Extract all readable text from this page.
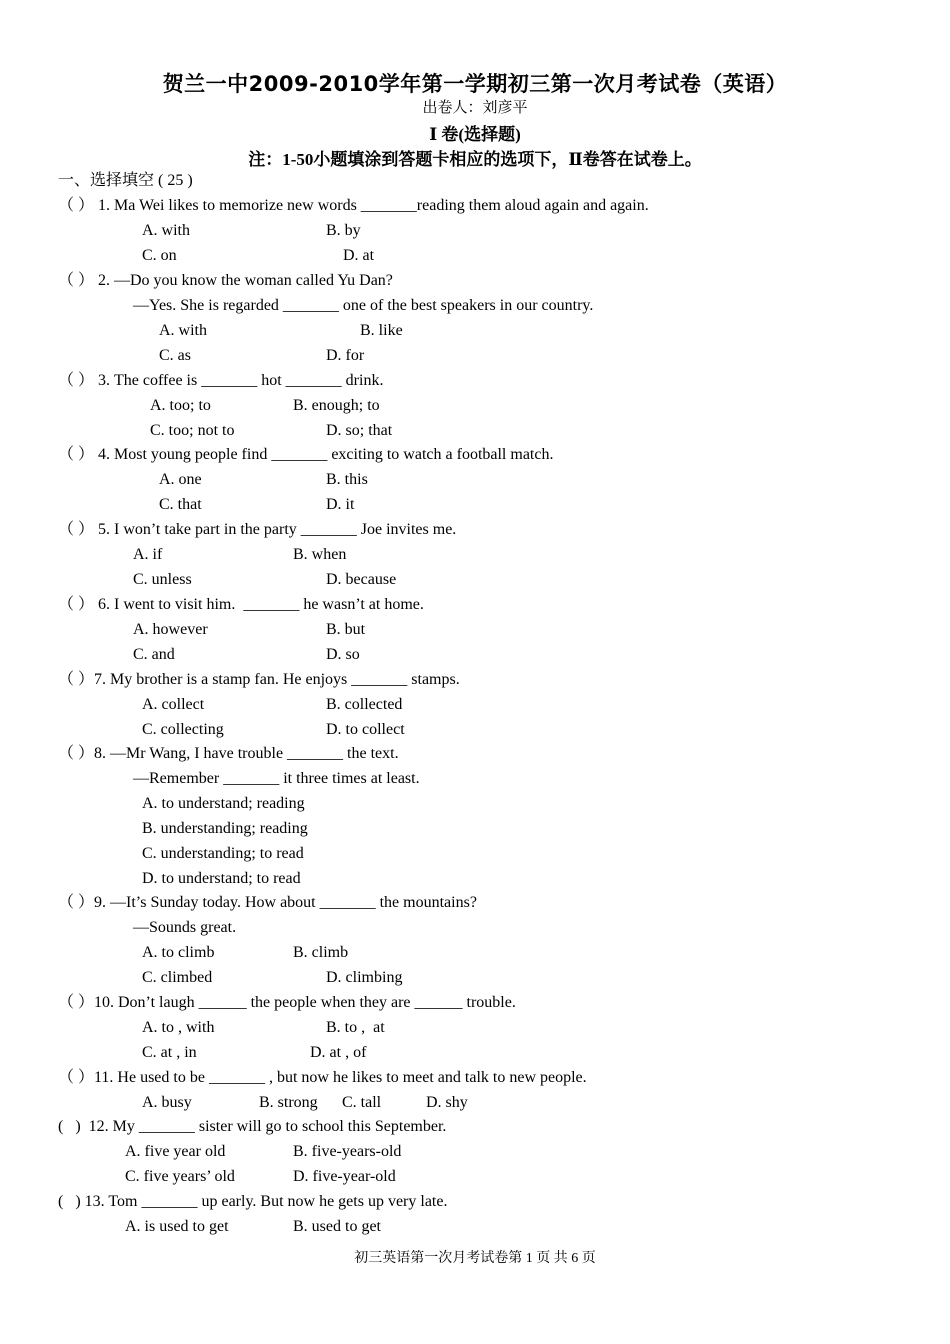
贺兰一中2009-2010学年第一学期初三第一次月考试卷（英语）
出卷人：刘彦平
Ⅰ 卷(选择题)
注：1-50小题填涂到答题卡相应的选项下，Ⅱ卷答在试卷上。
一、选择填空 ( 25 )
（ ） 1. Ma Wei likes to memorize new words _______reading them aloud again and again.
A. with	B. by
C. on	D. at
（ ） 2. —Do you know the woman called Yu Dan?
—Yes. She is regarded _______ one of the best speakers in our country.
A. with	B. like
C. as	D. for
（ ） 3. The coffee is _______ hot _______ drink.
A. too; to	B. enough; to
C. too; not to	D. so; that
（ ） 4. Most young people find _______ exciting to watch a football match.
A. one	B. this
C. that	D. it
（ ） 5. I won’t take part in the party _______ Joe invites me.
A. if	B. when
C. unless	D. because
（ ） 6. I went to visit him.  _______ he wasn’t at home.
A. however	B. but
C. and	D. so
（ ）7. My brother is a stamp fan. He enjoys _______ stamps.
A. collect	B. collected
C. collecting	D. to collect
（ ）8. —Mr Wang, I have trouble _______ the text.
—Remember _______ it three times at least.
A. to understand; reading
B. understanding; reading
C. understanding; to read
D. to understand; to read
（ ）9. —It’s Sunday today. How about _______ the mountains?
—Sounds great.
A. to climb	B. climb
C. climbed	D. climbing
（ ）10. Don’t laugh ______ the people when they are ______ trouble.
A. to , with	B. to ,  at
C. at , in	D. at , of
（ ）11. He used to be _______ , but now he likes to meet and talk to new people.
A. busy	B. strong C. tall	D. shy
(   )  12. My _______ sister will go to school this September.
A. five year old	B. five-years-old
C. five years’ old	D. five-year-old
(   ) 13. Tom _______ up early. But now he gets up very late.
A. is used to get	B. used to get
初三英语第一次月考试卷第 1 页 共 6 页
